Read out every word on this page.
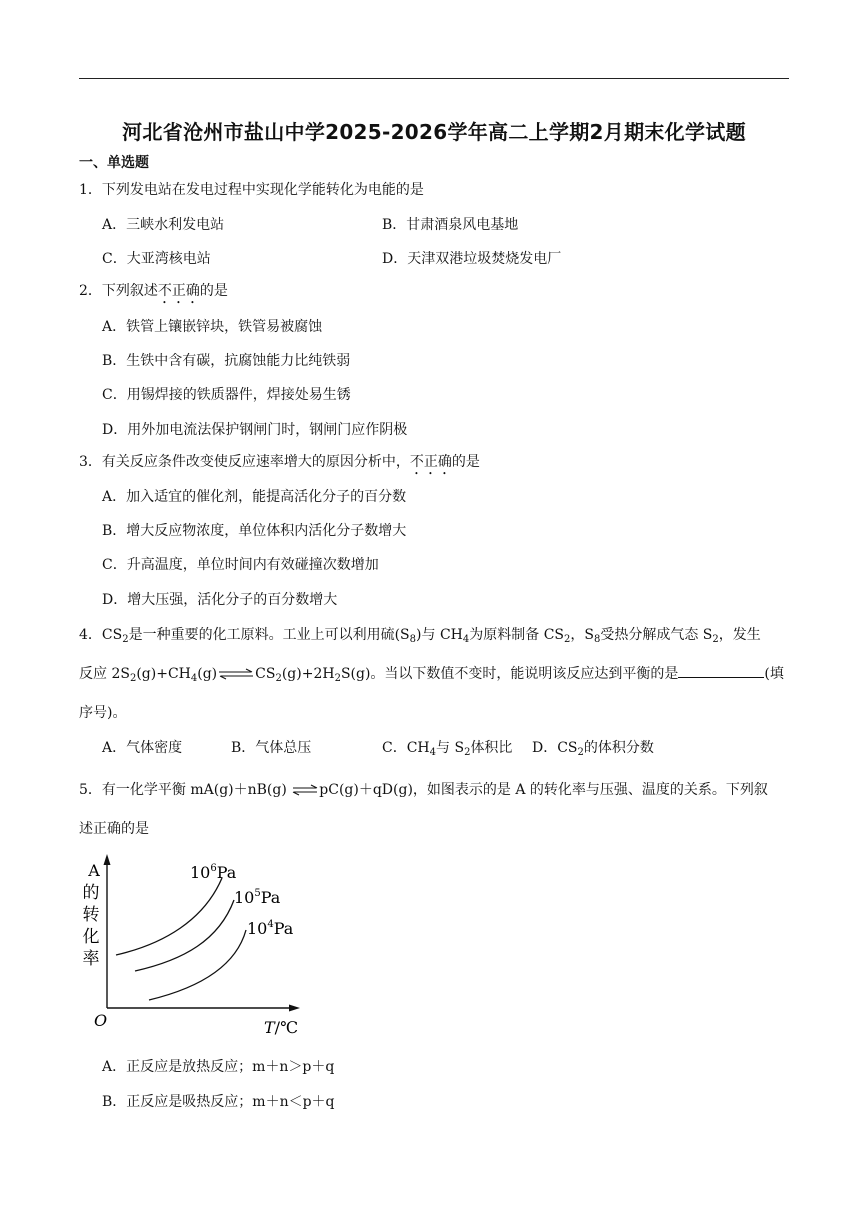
河北省沧州市盐山中学2025-2026学年高二上学期2月期末化学试题
一、单选题
1．下列发电站在发电过程中实现化学能转化为电能的是
A．三峡水利发电站	B．甘肃酒泉风电基地
C．大亚湾核电站	D．天津双港垃圾焚烧发电厂
2．下列叙述不正确的是
A．铁管上镶嵌锌块，铁管易被腐蚀
B．生铁中含有碳，抗腐蚀能力比纯铁弱
C．用锡焊接的铁质器件，焊接处易生锈
D．用外加电流法保护钢闸门时，钢闸门应作阴极
3．有关反应条件改变使反应速率增大的原因分析中，不正确的是
A．加入适宜的催化剂，能提高活化分子的百分数
B．增大反应物浓度，单位体积内活化分子数增大
C．升高温度，单位时间内有效碰撞次数增加
D．增大压强，活化分子的百分数增大
4．$CS_2$是一种重要的化工原料。工业上可以利用硫$(S_8)$与 $CH_4$为原料制备 $CS_2$，$S_8$受热分解成气态 $S_2$，发生
反应 $2S_2(g)+CH_4(g)\rightleftharpoons CS_2(g)+2H_2S(g)$。当以下数值不变时，能说明该反应达到平衡的是	(填
序号)。
A．气体密度	B．气体总压	C．$CH_4$与 $S_2$体积比 D．$CS_2$的体积分数
5．有一化学平衡 mA(g)＋nB(g) ⇌pC(g)＋qD(g)，如图表示的是 A 的转化率与压强、温度的关系。下列叙
述正确的是
A
的
转
化
率
O	T/℃
$10^6Pa$
$10^5Pa$
$10^4Pa$
A．正反应是放热反应；m＋n＞p＋q
B．正反应是吸热反应；m＋n＜p＋q
